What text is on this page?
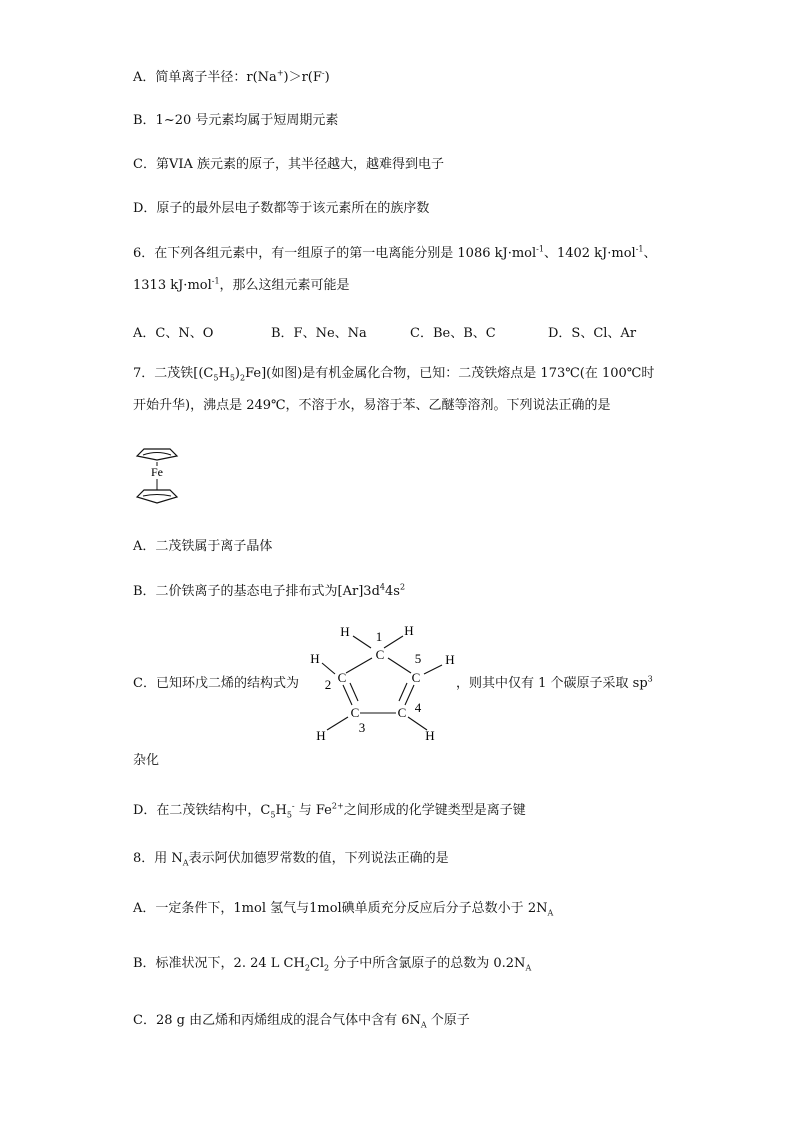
A．简单离子半径：r(Na+)＞r(F-)
B．1~20 号元素均属于短周期元素
C．第VIA 族元素的原子，其半径越大，越难得到电子
D．原子的最外层电子数都等于该元素所在的族序数
6．在下列各组元素中，有一组原子的第一电离能分别是 1086 kJ·mol$^{-1}$、1402 kJ·mol$^{-1}$、
1313 kJ·mol$^{-1}$，那么这组元素可能是
A．C、N、O	B．F、Ne、Na	C．Be、B、C	D．S、Cl、Ar
7．二茂铁$[(C_5H_5)_2Fe]$(如图)是有机金属化合物，已知：二茂铁熔点是 173℃(在 100℃时
开始升华)，沸点是 249℃，不溶于水，易溶于苯、乙醚等溶剂。下列说法正确的是
Fe
A．二茂铁属于离子晶体
B．二价铁离子的基态电子排布式为$[Ar]3d^44s^2$
C．已知环戊二烯的结构式为
C
C
C	C
C
H	H
H	H
H	H
1
2
3
4
5
，则其中仅有 1 个碳原子采取 $sp^3$
杂化
D．在二茂铁结构中，$C_5H_5^-$ 与 $Fe^{2+}$之间形成的化学键类型是离子键
8．用 $N_A$表示阿伏加德罗常数的值，下列说法正确的是
A．一定条件下，1mol 氢气与1mol碘单质充分反应后分子总数小于 $2N_A$
B．标准状况下，2. 24 L $CH_2Cl_2$ 分子中所含氯原子的总数为 $0.2N_A$
C．28 g 由乙烯和丙烯组成的混合气体中含有 $6N_A$ 个原子
